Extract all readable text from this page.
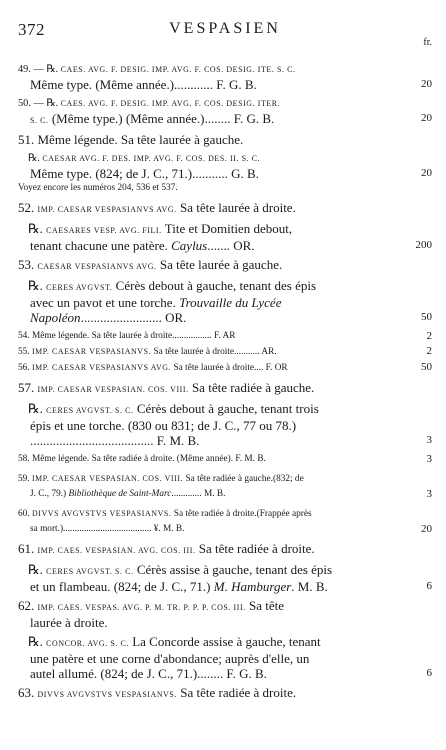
372	VESPASIEN
fr.
49. — ℞. CAES. AVG. F. DESIG. IMP. AVG. F. COS. DESIG. ITE. S. C.
Même type. (Même année.)............ F. G. B.	20
50. — ℞. CAES. AVG. F. DESIG. IMP. AVG. F. COS. DESIG. ITER.
S. C. (Même type.) (Même année.)........ F. G. B.	20
51. Même légende. Sa tête laurée à gauche.
℞. CAESAR AVG. F. DES. IMP. AVG. F. COS. DES. II. S. C.
Même type. (824; de J. C., 71.)........... G. B.	20
Voyez encore les numéros 204, 536 et 537.
52. IMP. CAESAR VESPASIANVS AVG. Sa tête laurée à droite.
℞. CAESARES VESP. AVG. FILI. Tite et Domitien debout,
tenant chacune une patère. Caylus....... OR.	200
53. CAESAR VESPASIANVS AVG. Sa tête laurée à gauche.
℞. CERES AVGVST. Cérès debout à gauche, tenant des épis
avec un pavot et une torche. Trouvaille du Lycée
Napoléon......................... OR.	50
54. Même légende. Sa tête laurée à droite................. F. AR	2
55. IMP. CAESAR VESPASIANVS. Sa tête laurée à droite........... AR.	2
56. IMP. CAESAR VESPASIANVS AVG. Sa tête laurée à droite.... F. OR	50
57. IMP. CAESAR VESPASIAN. COS. VIII. Sa tête radiée à gauche.
℞. CERES AVGVST. S. C. Cérès debout à gauche, tenant trois
épis et une torche. (830 ou 831; de J. C., 77 ou 78.)
...................................... F. M. B.	3
58. Même légende. Sa tête radiée à droite. (Même année). F. M. B.	3
59. IMP. CAESAR VESPASIAN. COS. VIII. Sa tête radiée à gauche.(832; de
J. C., 79.) Bibliothèque de Saint-Marc............. M. B.	3
60. DIVVS AVGVSTVS VESPASIANVS. Sa tête radiée à droite.(Frappée après
sa mort.)...................................... ¥. M. B.	20
61. IMP. CAES. VESPASIAN. AVG. COS. III. Sa tête radiée à droite.
℞. CERES AVGVST. S. C. Cérès assise à gauche, tenant des épis
et un flambeau. (824; de J. C., 71.) M. Hamburger. M. B.	6
62. IMP. CAES. VESPAS. AVG. P. M. TR. P. P. P. COS. III. Sa tête
laurée à droite.
℞. CONCOR. AVG. S. C. La Concorde assise à gauche, tenant
une patère et une corne d'abondance; auprès d'elle, un
autel allumé. (824; de J. C., 71.)........ F. G. B.	6
63. DIVVS AVGVSTVS VESPASIANVS. Sa tête radiée à droite.
